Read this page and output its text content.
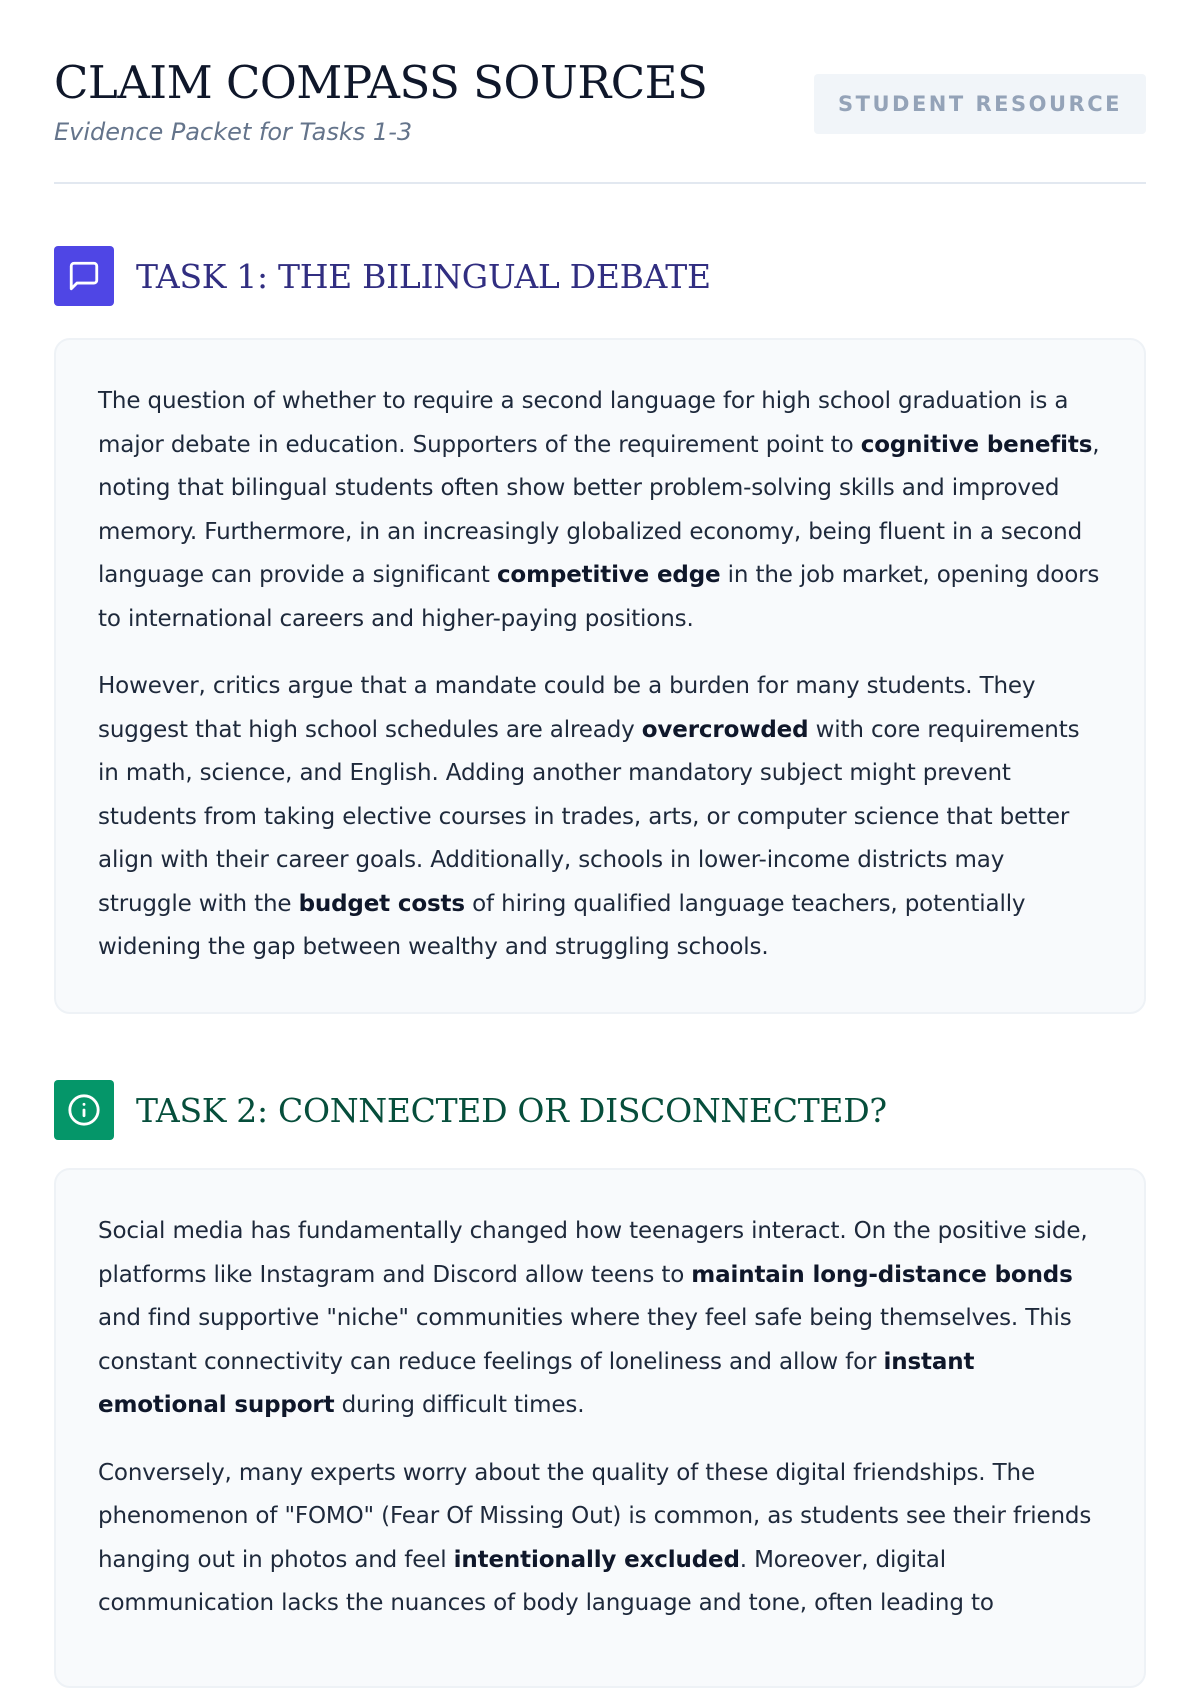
CLAIM COMPASS SOURCES
Evidence Packet for Tasks 1-3
STUDENT RESOURCE
TASK 1: THE BILINGUAL DEBATE

The question of whether to require a second language for high school graduation is a major debate in education. Supporters of the requirement point to cognitive benefits, noting that bilingual students often show better problem-solving skills and improved memory. Furthermore, in an increasingly globalized economy, being fluent in a second language can provide a significant competitive edge in the job market, opening doors to international careers and higher-paying positions.

However, critics argue that a mandate could be a burden for many students. They suggest that high school schedules are already overcrowded with core requirements in math, science, and English. Adding another mandatory subject might prevent students from taking elective courses in trades, arts, or computer science that better align with their career goals. Additionally, schools in lower-income districts may struggle with the budget costs of hiring qualified language teachers, potentially widening the gap between wealthy and struggling schools.

TASK 2: CONNECTED OR DISCONNECTED?

Social media has fundamentally changed how teenagers interact. On the positive side, platforms like Instagram and Discord allow teens to maintain long-distance bonds and find supportive "niche" communities where they feel safe being themselves. This constant connectivity can reduce feelings of loneliness and allow for instant emotional support during difficult times.

Conversely, many experts worry about the quality of these digital friendships. The phenomenon of "FOMO" (Fear Of Missing Out) is common, as students see their friends hanging out in photos and feel intentionally excluded. Moreover, digital communication lacks the nuances of body language and tone, often leading to
